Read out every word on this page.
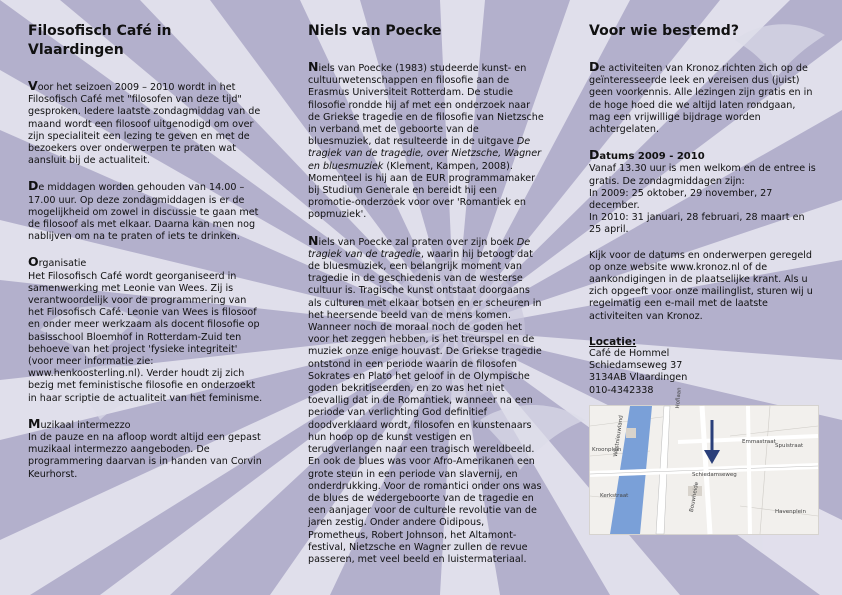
Filosofisch Café in Vlaardingen

Voor het seizoen 2009 – 2010 wordt in het Filosofisch Café met "filosofen van deze tijd" gesproken. Iedere laatste zondagmiddag van de maand wordt een filosoof uitgenodigd om over zijn specialiteit een lezing te geven en met de bezoekers over onderwerpen te praten wat aansluit bij de actualiteit.

De middagen worden gehouden van 14.00 – 17.00 uur. Op deze zondagmiddagen is er de mogelijkheid om zowel in discussie te gaan met de filosoof als met elkaar. Daarna kan men nog nablijven om na te praten of iets te drinken.

Organisatie

Het Filosofisch Café wordt georganiseerd in samenwerking met Leonie van Wees. Zij is verantwoordelijk voor de programmering van het Filosofisch Café. Leonie van Wees is filosoof en onder meer werkzaam als docent filosofie op basisschool Bloemhof in Rotterdam-Zuid ten behoeve van het project 'fysieke integriteit' (voor meer informatie zie: www.henkoosterling.nl). Verder houdt zij zich bezig met feministische filosofie en onderzoekt in haar scriptie de actualiteit van het feminisme.

Muzikaal intermezzo

In de pauze en na afloop wordt altijd een gepast muzikaal intermezzo aangeboden. De programmering daarvan is in handen van Corvin Keurhorst.

Niels van Poecke

Niels van Poecke (1983) studeerde kunst- en cultuurwetenschappen en filosofie aan de Erasmus Universiteit Rotterdam. De studie filosofie rondde hij af met een onderzoek naar de Griekse tragedie en de filosofie van Nietzsche in verband met de geboorte van de bluesmuziek, dat resulteerde in de uitgave De tragiek van de tragedie, over Nietzsche, Wagner en bluesmuziek (Klement, Kampen, 2008). Momenteel is hij aan de EUR programmamaker bij Studium Generale en bereidt hij een promotie-onderzoek voor over 'Romantiek en popmuziek'.

Niels van Poecke zal praten over zijn boek De tragiek van de tragedie, waarin hij betoogt dat de bluesmuziek, een belangrijk moment van tragedie in de geschiedenis van de westerse cultuur is. Tragische kunst ontstaat doorgaans als culturen met elkaar botsen en er scheuren in het heersende beeld van de mens komen. Wanneer noch de moraal noch de goden het voor het zeggen hebben, is het treurspel en de muziek onze enige houvast. De Griekse tragedie ontstond in een periode waarin de filosofen Sokrates en Plato het geloof in de Olympische goden bekritiseerden, en zo was het niet toevallig dat in de Romantiek, wanneer na een periode van verlichting God definitief doodverklaard wordt, filosofen en kunstenaars hun hoop op de kunst vestigen en terugverlangen naar een tragisch wereldbeeld. En ook de blues was voor Afro-Amerikanen een grote steun in een periode van slavernij, en onderdrukking. Voor de romantici onder ons was de blues de wedergeboorte van de tragedie en een aanjager voor de culturele revolutie van de jaren zestig. Onder andere Oidipous, Prometheus, Robert Johnson, het Altamont-festival, Nietzsche en Wagner zullen de revue passeren, met veel beeld en luistermateriaal.

Voor wie bestemd?

De activiteiten van Kronoz richten zich op de geïnteresseerde leek en vereisen dus (juist) geen voorkennis. Alle lezingen zijn gratis en in de hoge hoed die we altijd laten rondgaan, mag een vrijwillige bijdrage worden achtergelaten.

Datums 2009 - 2010
Vanaf 13.30 uur is men welkom en de entree is gratis. De zondagmiddagen zijn:
In 2009: 25 oktober, 29 november, 27 december.

In 2010: 31 januari, 28 februari, 28 maart en 25 april.

Kijk voor de datums en onderwerpen geregeld op onze website www.kronoz.nl of de aankondigingen in de plaatselijke krant. Als u zich opgeeft voor onze mailinglist, sturen wij u regelmatig een e-mail met de laatste activiteiten van Kronoz.

Locatie:
Café de Hommel
Schiedamseweg 37
3134AB Vlaardingen
010-4342338
Westnieuwland
Hoflaan
Emmastraat
Schiedamseweg
Kerkstraat
Kroonplein
Spuistraat
Bouwheide	Havenplein
